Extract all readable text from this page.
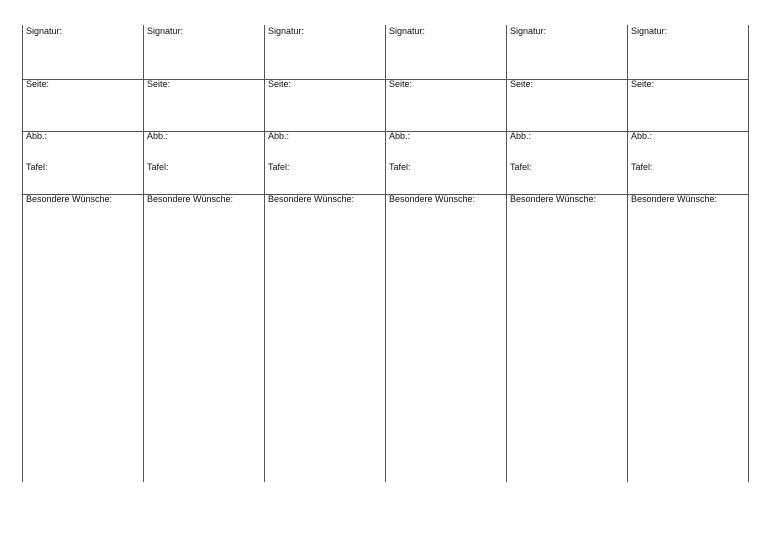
Signatur:
Seite:
Abb.:
Tafel:
Besondere Wünsche:
Signatur:
Seite:
Abb.:
Tafel:
Besondere Wünsche:
Signatur:
Seite:
Abb.:
Tafel:
Besondere Wünsche:
Signatur:
Seite:
Abb.:
Tafel:
Besondere Wünsche:
Signatur:
Seite:
Abb.:
Tafel:
Besondere Wünsche:
Signatur:
Seite:
Abb.:
Tafel:
Besondere Wünsche:
